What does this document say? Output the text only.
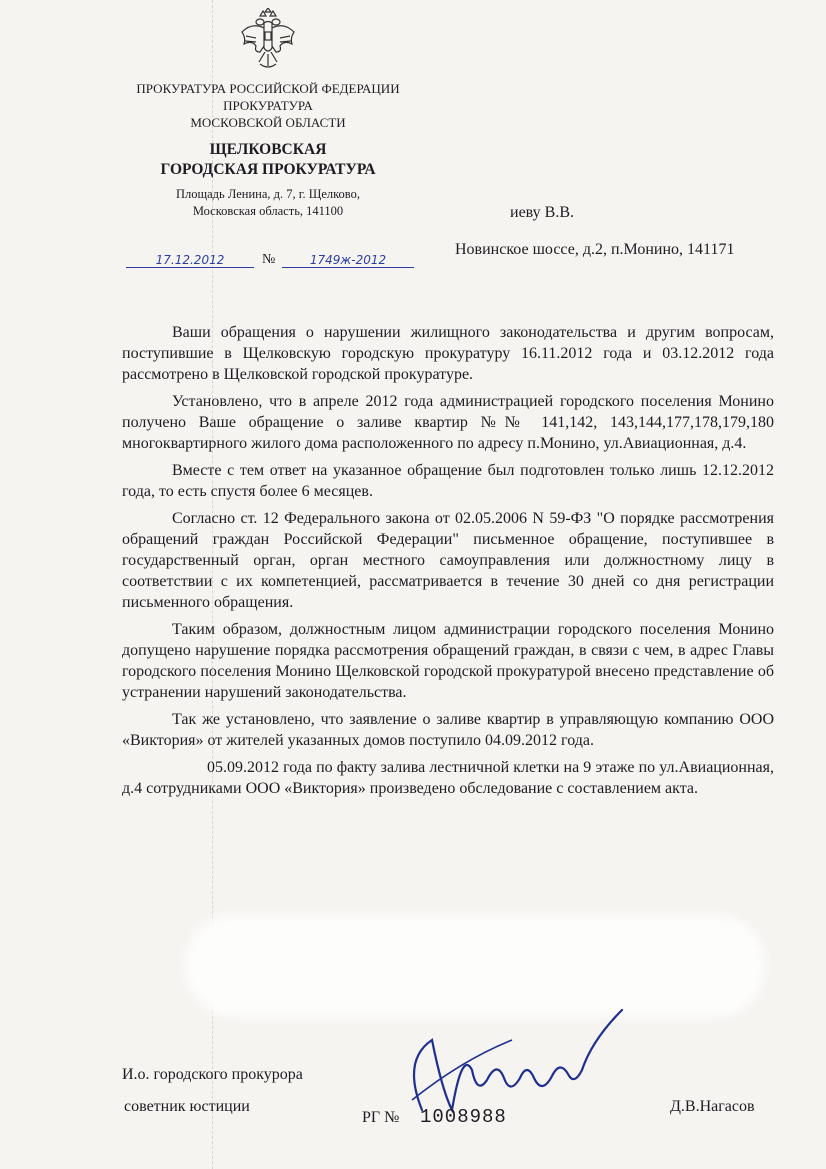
ПРОКУРАТУРА РОССИЙСКОЙ ФЕДЕРАЦИИ

ПРОКУРАТУРА

МОСКОВСКОЙ ОБЛАСТИ

ЩЕЛКОВСКАЯ

ГОРОДСКАЯ ПРОКУРАТУРА

Площадь Ленина, д. 7, г. Щелково,

Московская область, 141100

17.12.2012	№	1749ж-2012
иеву В.В.
Новинское шоссе, д.2, п.Монино, 141171

Ваши обращения о нарушении жилищного законодательства и другим вопросам, поступившие в Щелковскую городскую прокуратуру 16.11.2012 года и 03.12.2012 года рассмотрено в Щелковской городской прокуратуре.

Установлено, что в апреле 2012 года администрацией городского поселения Монино получено Ваше обращение о заливе квартир №№ 141,142, 143,144,177,178,179,180 многоквартирного жилого дома расположенного по адресу п.Монино, ул.Авиационная, д.4.

Вместе с тем ответ на указанное обращение был подготовлен только лишь 12.12.2012 года, то есть спустя более 6 месяцев.

Согласно ст. 12 Федерального закона от 02.05.2006 N 59-ФЗ "О порядке рассмотрения обращений граждан Российской Федерации" письменное обращение, поступившее в государственный орган, орган местного самоуправления или должностному лицу в соответствии с их компетенцией, рассматривается в течение 30 дней со дня регистрации письменного обращения.

Таким образом, должностным лицом администрации городского поселения Монино допущено нарушение порядка рассмотрения обращений граждан, в связи с чем, в адрес Главы городского поселения Монино Щелковской городской прокуратурой внесено представление об устранении нарушений законодательства.

Так же установлено, что заявление о заливе квартир в управляющую компанию ООО «Виктория» от жителей указанных домов поступило 04.09.2012 года.

05.09.2012 года по факту залива лестничной клетки на 9 этаже по ул.Авиационная, д.4 сотрудниками ООО «Виктория» произведено обследование с составлением акта.

И.о. городского прокурора
советник юстиции
РГ № 1008988	Д.В.Нагасов
